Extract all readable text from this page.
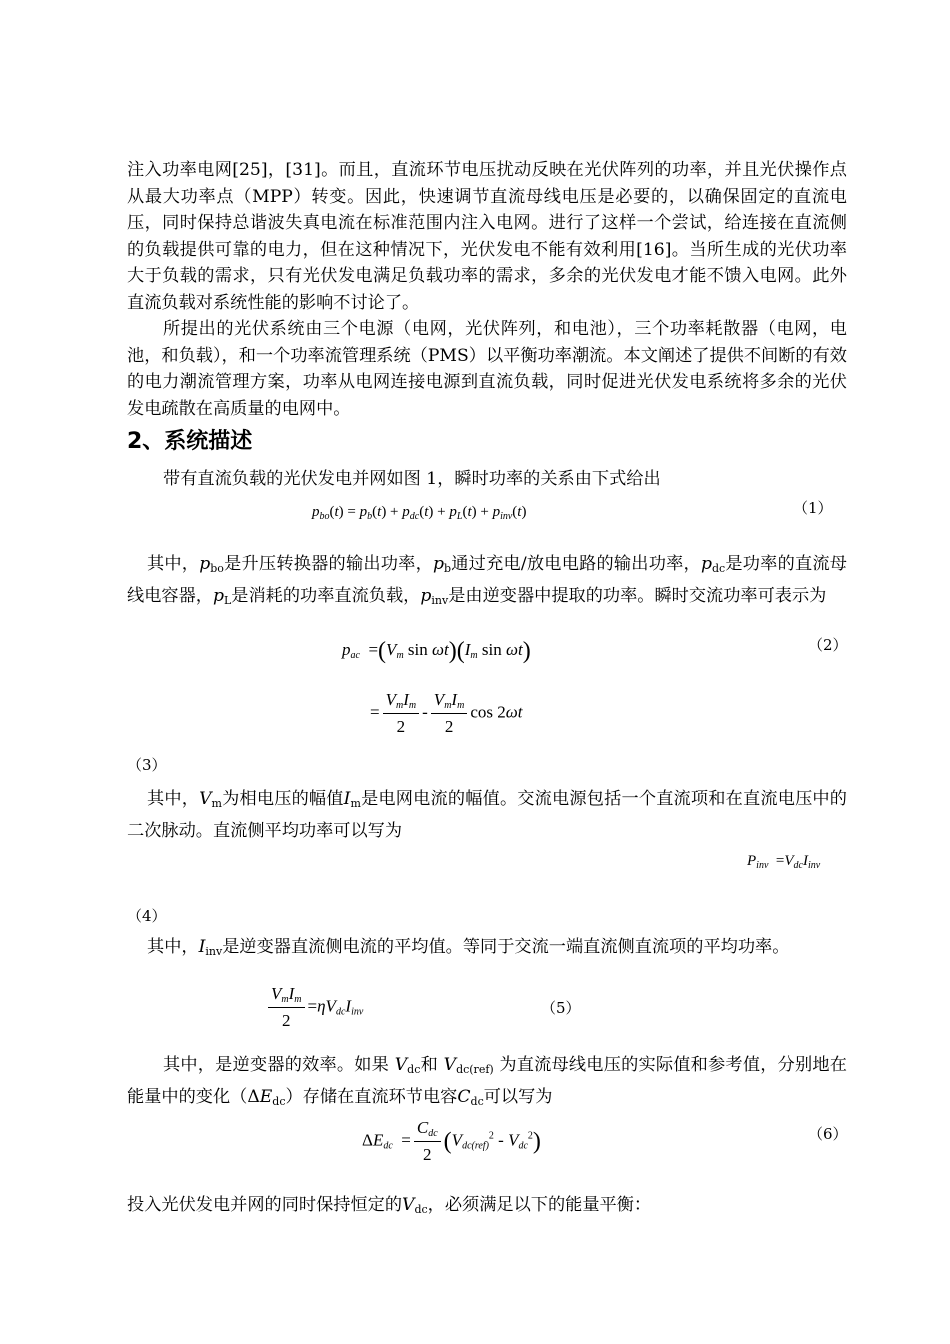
注入功率电网[25]，[31]。而且，直流环节电压扰动反映在光伏阵列的功率，并且光伏操作点从最大功率点（MPP）转变。因此，快速调节直流母线电压是必要的，以确保固定的直流电压，同时保持总谐波失真电流在标准范围内注入电网。进行了这样一个尝试，给连接在直流侧的负载提供可靠的电力，但在这种情况下，光伏发电不能有效利用[16]。当所生成的光伏功率大于负载的需求，只有光伏发电满足负载功率的需求，多余的光伏发电才能不馈入电网。此外直流负载对系统性能的影响不讨论了。

所提出的光伏系统由三个电源（电网，光伏阵列，和电池），三个功率耗散器（电网，电池，和负载），和一个功率流管理系统（PMS）以平衡功率潮流。本文阐述了提供不间断的有效的电力潮流管理方案，功率从电网连接电源到直流负载，同时促进光伏发电系统将多余的光伏发电疏散在高质量的电网中。

2、系统描述

带有直流负载的光伏发电并网如图 1，瞬时功率的关系由下式给出

$p_{bo}(t) = p_b(t) + p_{dc}(t) + p_L(t) + p_{inv}(t)$	（1）

其中，pbo是升压转换器的输出功率，pb通过充电/放电电路的输出功率，pdc是功率的直流母线电容器，pL是消耗的功率直流负载，pinv是由逆变器中提取的功率。瞬时交流功率可表示为

$p_{ac} =(V_m$ $\sin \omega t)(I_m$ sin ωt)	（2）
= $\frac{V_mI_m}{2} - \frac{V_mI_m}{2}$ cos 2ωt
（3）

其中，Vm为相电压的幅值Im是电网电流的幅值。交流电源包括一个直流项和在直流电压中的二次脉动。直流侧平均功率可以写为

$P_{inv} =V_{dc}I_{inv}$
（4）

其中，Iinv是逆变器直流侧电流的平均值。等同于交流一端直流侧直流项的平均功率。

$\frac{V_mI_m}{2} =\eta V_{dc}I_{inv}$	（5）

其中，是逆变器的效率。如果 Vdc和 Vdc(ref) 为直流母线电压的实际值和参考值，分别地在能量中的变化（ΔEdc）存储在直流环节电容Cdc可以写为

$\Delta E_{dc} = \frac{C_{dc}}{2} (V_{dc(ref)}^2 - V_{dc}^2)$	（6）

投入光伏发电并网的同时保持恒定的Vdc，必须满足以下的能量平衡：
